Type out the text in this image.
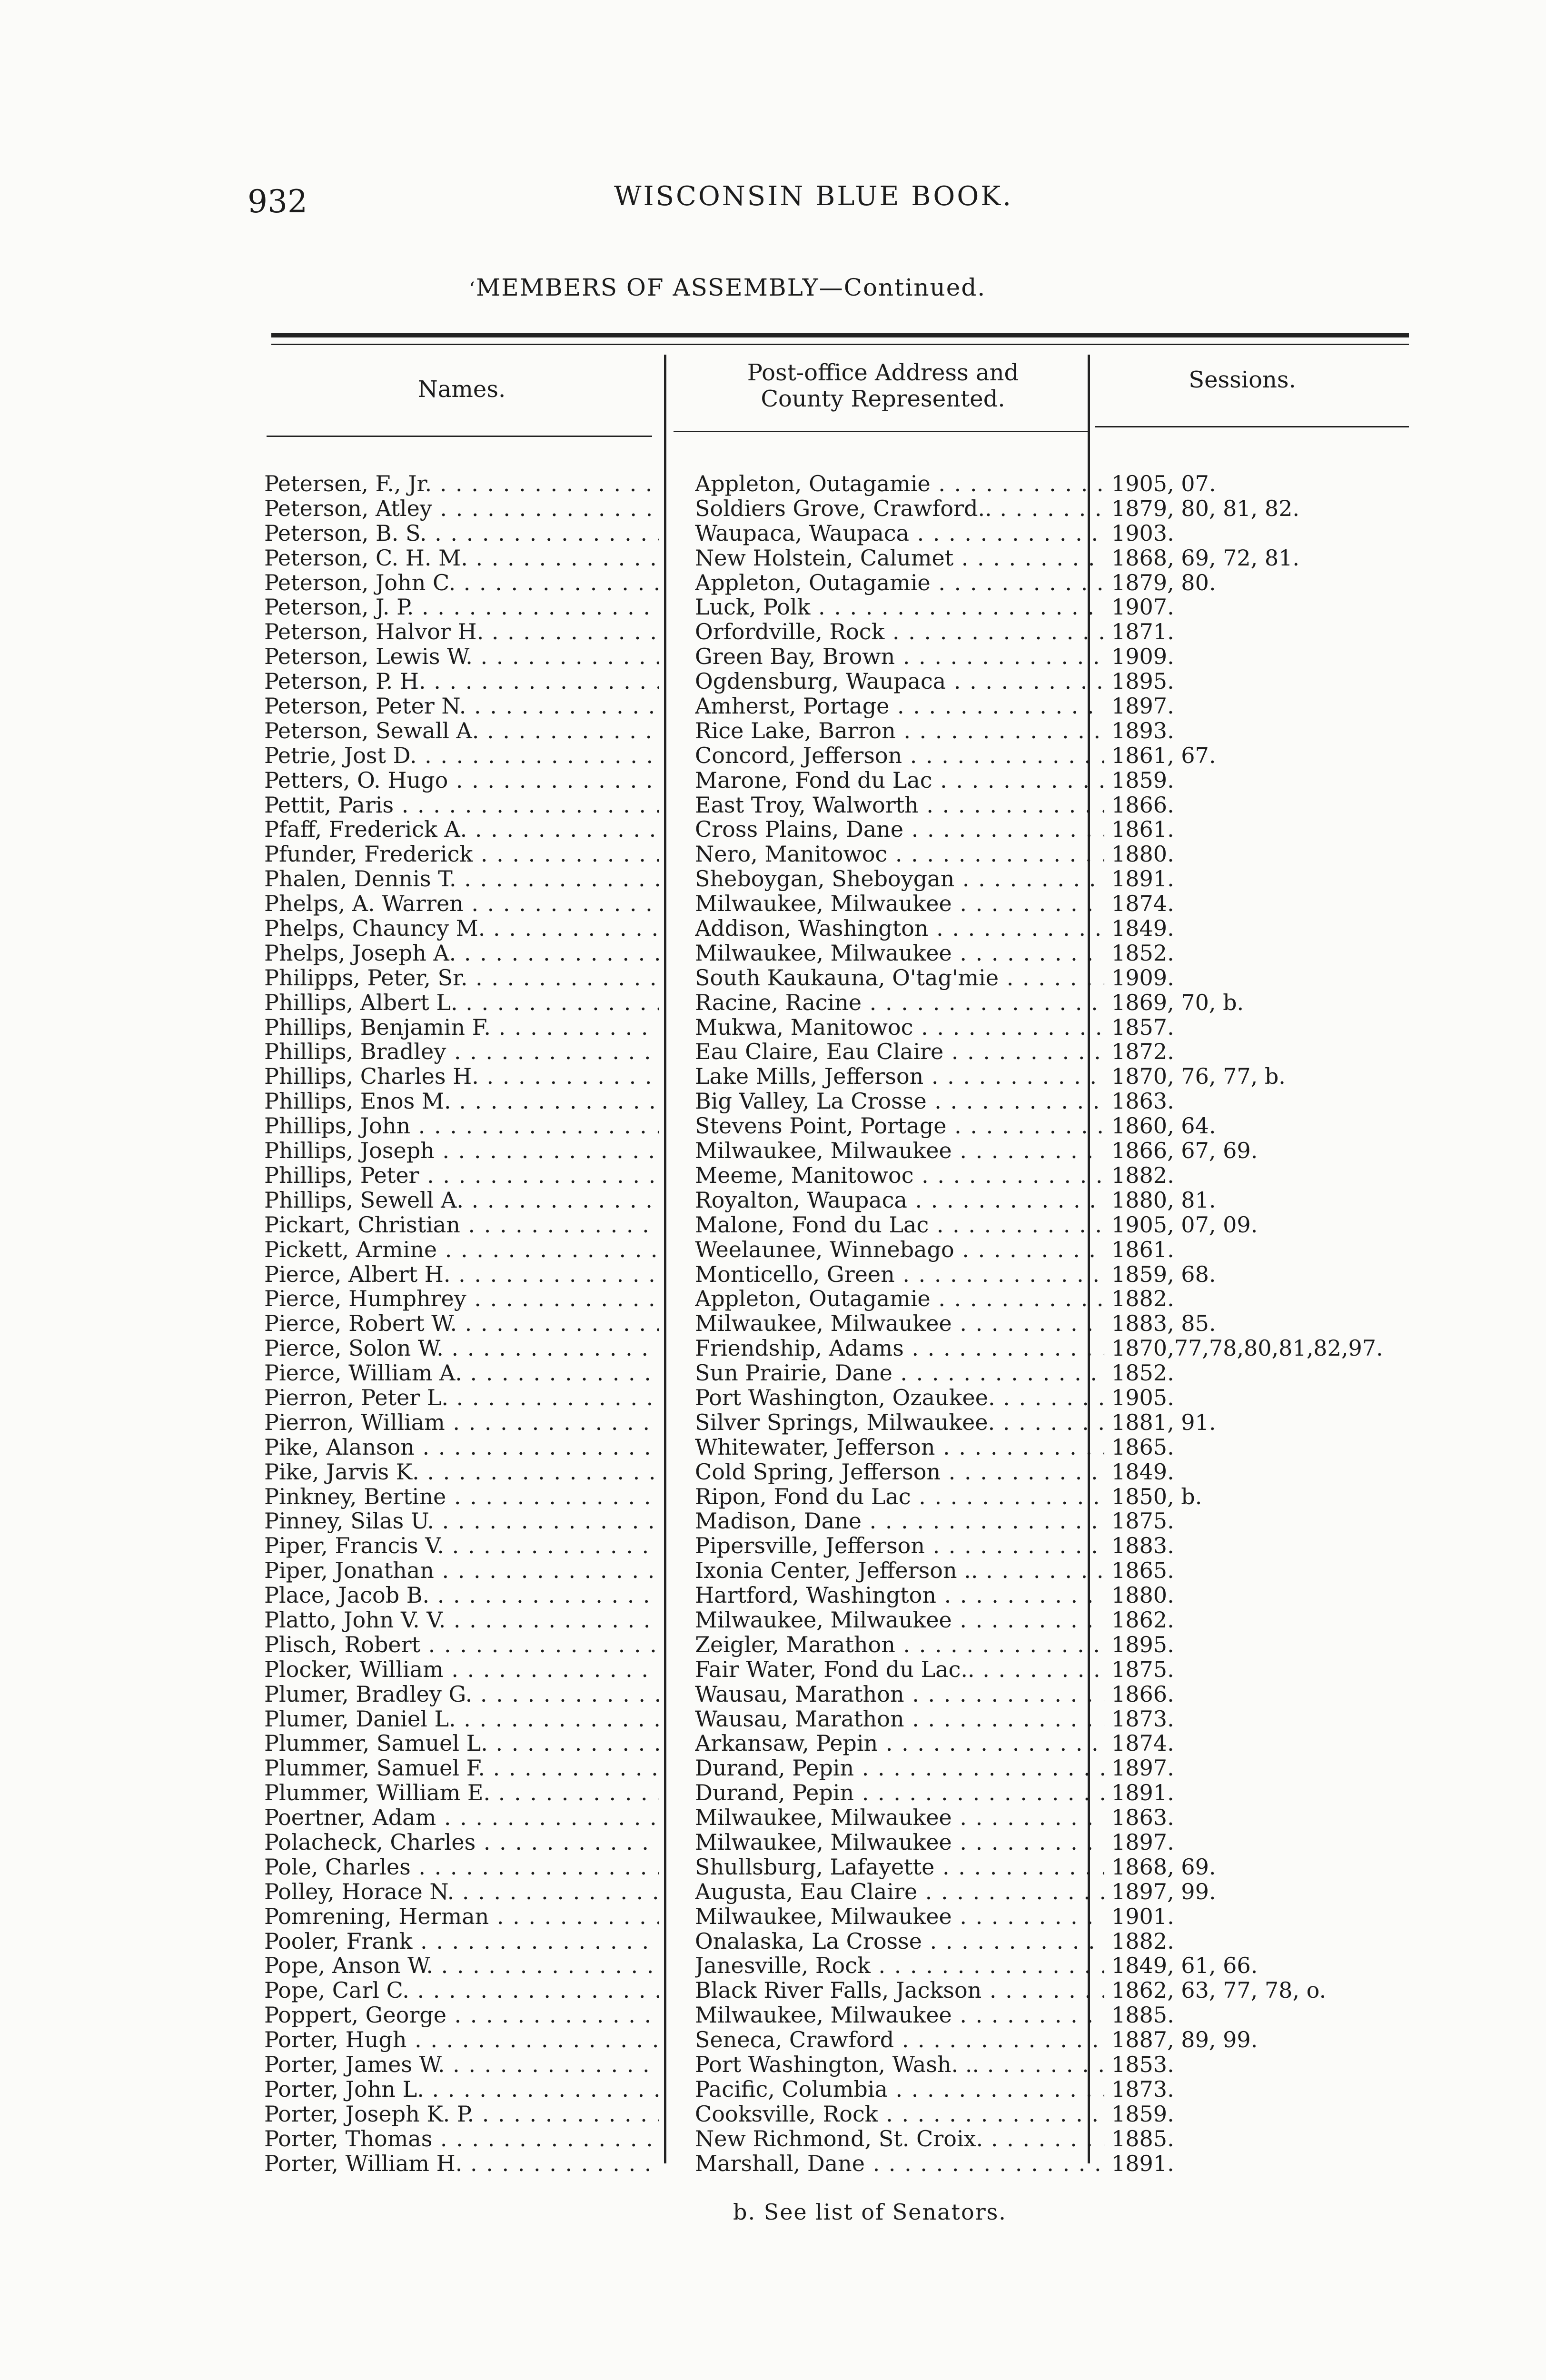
932	WISCONSIN BLUE BOOK.
‘ MEMBERS OF ASSEMBLY—Continued.
Names.
Post-office Address and
County Represented.
Sessions.
Petersen, F., Jr. . . .	Appleton, Outagamie . . .	1905, 07.
Peterson, Atley . . .	Soldiers Grove, Crawford.. . . .	1879, 80, 81, 82.
Peterson, B. S. . . .	Waupaca, Waupaca . . .	1903.
Peterson, C. H. M. . . .	New Holstein, Calumet . . .	1868, 69, 72, 81.
Peterson, John C. . . .	Appleton, Outagamie . . .	1879, 80.
Peterson, J. P. . . .	Luck, Polk . . .	1907.
Peterson, Halvor H. . . .	Orfordville, Rock . . .	1871.
Peterson, Lewis W. . . .	Green Bay, Brown . . .	1909.
Peterson, P. H. . . .	Ogdensburg, Waupaca . . .	1895.
Peterson, Peter N. . . .	Amherst, Portage . . .	1897.
Peterson, Sewall A. . . .	Rice Lake, Barron . . .	1893.
Petrie, Jost D. . . .	Concord, Jefferson . . .	1861, 67.
Petters, O. Hugo . . .	Marone, Fond du Lac . . .	1859.
Pettit, Paris . . .	East Troy, Walworth . . .	1866.
Pfaff, Frederick A. . . .	Cross Plains, Dane . . .	1861.
Pfunder, Frederick . . .	Nero, Manitowoc . . .	1880.
Phalen, Dennis T. . . .	Sheboygan, Sheboygan . . .	1891.
Phelps, A. Warren . . .	Milwaukee, Milwaukee . . .	1874.
Phelps, Chauncy M. . . .	Addison, Washington . . .	1849.
Phelps, Joseph A. . . .	Milwaukee, Milwaukee . . .	1852.
Philipps, Peter, Sr. . . .	South Kaukauna, O'tag'mie . . .	1909.
Phillips, Albert L. . . .	Racine, Racine . . .	1869, 70, b.
Phillips, Benjamin F. . . .	Mukwa, Manitowoc . . .	1857.
Phillips, Bradley . . .	Eau Claire, Eau Claire . . .	1872.
Phillips, Charles H. . . .	Lake Mills, Jefferson . . .	1870, 76, 77, b.
Phillips, Enos M. . . .	Big Valley, La Crosse . . .	1863.
Phillips, John . . .	Stevens Point, Portage . . .	1860, 64.
Phillips, Joseph . . .	Milwaukee, Milwaukee . . .	1866, 67, 69.
Phillips, Peter . . .	Meeme, Manitowoc . . .	1882.
Phillips, Sewell A. . . .	Royalton, Waupaca . . .	1880, 81.
Pickart, Christian . . .	Malone, Fond du Lac . . .	1905, 07, 09.
Pickett, Armine . . .	Weelaunee, Winnebago . . .	1861.
Pierce, Albert H. . . .	Monticello, Green . . .	1859, 68.
Pierce, Humphrey . . .	Appleton, Outagamie . . .	1882.
Pierce, Robert W. . . .	Milwaukee, Milwaukee . . .	1883, 85.
Pierce, Solon W. . . .	Friendship, Adams . . .	1870,77,78,80,81,82,97.
Pierce, William A. . . .	Sun Prairie, Dane . . .	1852.
Pierron, Peter L. . . .	Port Washington, Ozaukee. . . .	1905.
Pierron, William . . .	Silver Springs, Milwaukee. . . .	1881, 91.
Pike, Alanson . . .	Whitewater, Jefferson . . .	1865.
Pike, Jarvis K. . . .	Cold Spring, Jefferson . . .	1849.
Pinkney, Bertine . . .	Ripon, Fond du Lac . . .	1850, b.
Pinney, Silas U. . . .	Madison, Dane . . .	1875.
Piper, Francis V. . . .	Pipersville, Jefferson . . .	1883.
Piper, Jonathan . . .	Ixonia Center, Jefferson .. . . .	1865.
Place, Jacob B. . . .	Hartford, Washington . . .	1880.
Platto, John V. V. . . .	Milwaukee, Milwaukee . . .	1862.
Plisch, Robert . . .	Zeigler, Marathon . . .	1895.
Plocker, William . . .	Fair Water, Fond du Lac.. . . .	1875.
Plumer, Bradley G. . . .	Wausau, Marathon . . .	1866.
Plumer, Daniel L. . . .	Wausau, Marathon . . .	1873.
Plummer, Samuel L. . . .	Arkansaw, Pepin . . .	1874.
Plummer, Samuel F. . . .	Durand, Pepin . . .	1897.
Plummer, William E. . . .	Durand, Pepin . . .	1891.
Poertner, Adam . . .	Milwaukee, Milwaukee . . .	1863.
Polacheck, Charles . . .	Milwaukee, Milwaukee . . .	1897.
Pole, Charles . . .	Shullsburg, Lafayette . . .	1868, 69.
Polley, Horace N. . . .	Augusta, Eau Claire . . .	1897, 99.
Pomrening, Herman . . .	Milwaukee, Milwaukee . . .	1901.
Pooler, Frank . . .	Onalaska, La Crosse . . .	1882.
Pope, Anson W. . . .	Janesville, Rock . . .	1849, 61, 66.
Pope, Carl C. . . .	Black River Falls, Jackson . . .	1862, 63, 77, 78, o.
Poppert, George . . .	Milwaukee, Milwaukee . . .	1885.
Porter, Hugh . . .	Seneca, Crawford . . .	1887, 89, 99.
Porter, James W. . . .	Port Washington, Wash. .. . . .	1853.
Porter, John L. . . .	Pacific, Columbia . . .	1873.
Porter, Joseph K. P. . . .	Cooksville, Rock . . .	1859.
Porter, Thomas . . .	New Richmond, St. Croix. . . .	1885.
Porter, William H. . . .	Marshall, Dane . . .	1891.
b. See list of Senators.
